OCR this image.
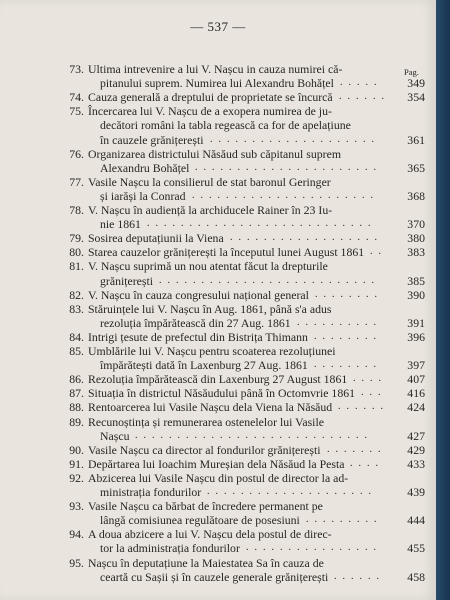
— 537 —
Pag.
73. Ultima intrevenire a lui V. Nașcu in cauza numirei că-
pitanului suprem. Numirea lui Alexandru Bohățel .....	349
74. Cauza generală a dreptului de proprietate se încurcă ......	354
75. Încercarea lui V. Nașcu de a exopera numirea de ju-
decători români la tabla regească ca for de apelațiune
în cauzele grănițerești ....................	361
76. Organizarea districtului Năsăud sub căpitanul suprem
Alexandru Bohățel ......................	365
77. Vasile Nașcu la consilierul de stat baronul Geringer
și iarăși la Conrad ......................	368
78. V. Nașcu în audiență la archiducele Rainer în 23 Iu-
nie 1861 ...........................	370
79. Sosirea deputațiunii la Viena ..................	380
80. Starea cauzelor grănițerești la începutul lunei August 1861 ..	383
81. V. Nașcu suprimă un nou atentat făcut la drepturile
grănițerești ..........................	385
82. V. Nașcu în cauza congresului național general ........	390
83. Stăruințele lui V. Nașcu în Aug. 1861, până s'a adus
rezoluția împărătească din 27 Aug. 1861 ..........	391
84. Intrigi țesute de prefectul din Bistrița Thimann ........	396
85. Umblările lui V. Nașcu pentru scoaterea rezoluțiunei
împărătești dată în Laxenburg 27 Aug. 1861 ........	397
86. Rezoluția împărătească din Laxenburg 27 August 1861 ....	407
87. Situația în districtul Năsăudului până în Octomvrie 1861 ...	416
88. Rentoarcerea lui Vasile Nașcu dela Viena la Năsăud ......	424
89. Recunoștința și remunerarea ostenelelor lui Vasile
Nașcu ............................	427
90. Vasile Nașcu ca director al fondurilor grănițerești .......	429
91. Depărtarea lui Ioachim Mureșian dela Năsăud la Pesta ....	433
92. Abzicerea lui Vasile Nașcu din postul de director la ad-
ministrația fondurilor ....................	439
93. Vasile Nașcu ca bărbat de încredere permanent pe
lângă comisiunea regulătoare de posesiuni .........	444
94. A doua abzicere a lui V. Nașcu dela postul de direc-
tor la administrația fondurilor ................	455
95. Nașcu în deputațiune la Maiestatea Sa în cauza de
ceartă cu Sașii și în cauzele generale grănițerești ......	458
